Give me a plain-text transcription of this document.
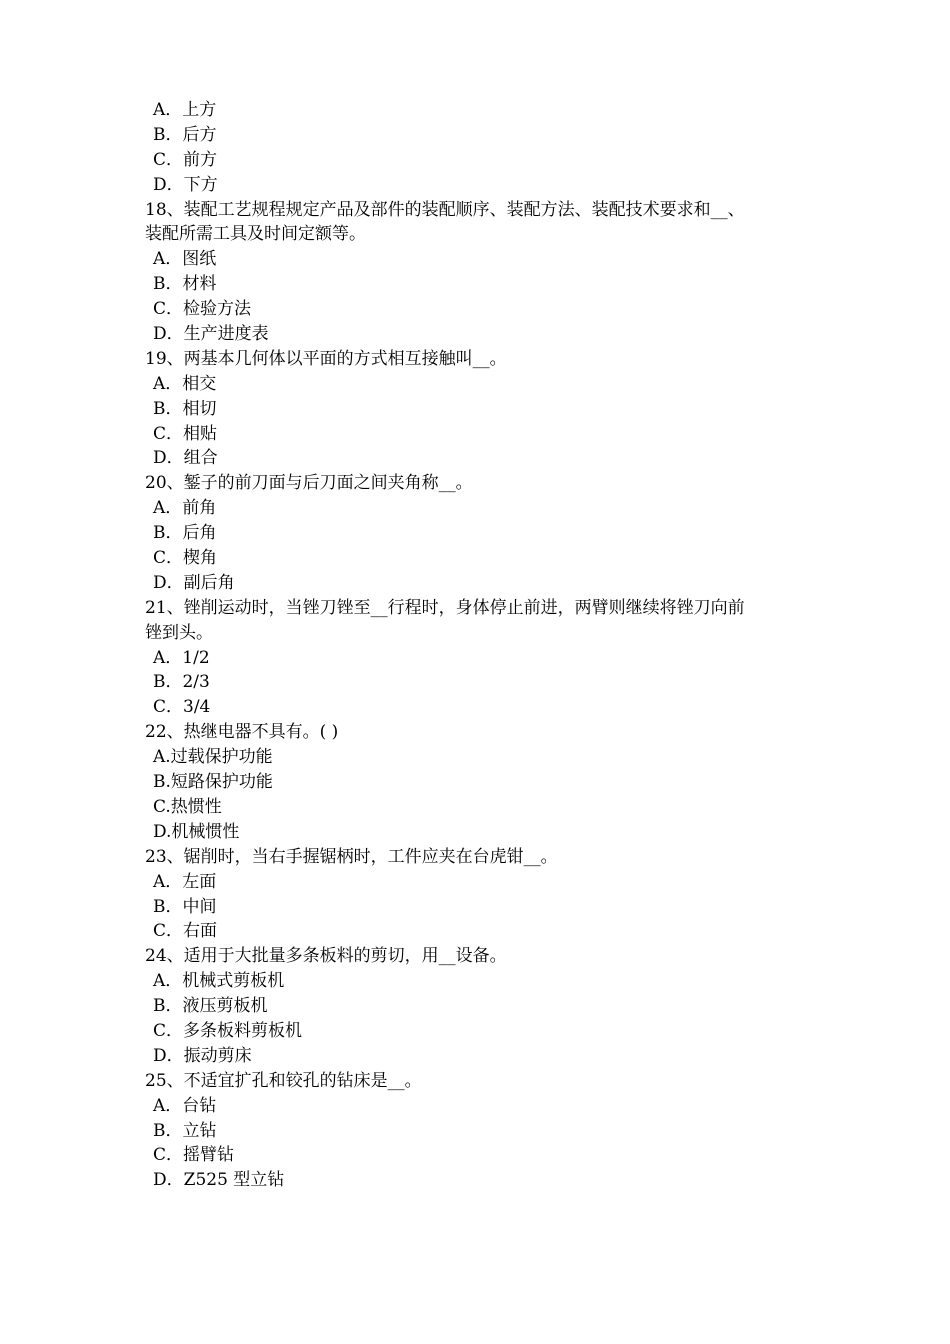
A．上方
B．后方
C．前方
D．下方
18、装配工艺规程规定产品及部件的装配顺序、装配方法、装配技术要求和__、
装配所需工具及时间定额等。
A．图纸
B．材料
C．检验方法
D．生产进度表
19、两基本几何体以平面的方式相互接触叫__。
A．相交
B．相切
C．相贴
D．组合
20、錾子的前刀面与后刀面之间夹角称__。
A．前角
B．后角
C．楔角
D．副后角
21、锉削运动时，当锉刀锉至__行程时，身体停止前进，两臂则继续将锉刀向前
锉到头。
A．1/2
B．2/3
C．3/4
22、热继电器不具有。( )
A.过载保护功能
B.短路保护功能
C.热惯性
D.机械惯性
23、锯削时，当右手握锯柄时，工件应夹在台虎钳__。
A．左面
B．中间
C．右面
24、适用于大批量多条板料的剪切，用__设备。
A．机械式剪板机
B．液压剪板机
C．多条板料剪板机
D．振动剪床
25、不适宜扩孔和铰孔的钻床是__。
A．台钻
B．立钻
C．摇臂钻
D．Z525 型立钻
